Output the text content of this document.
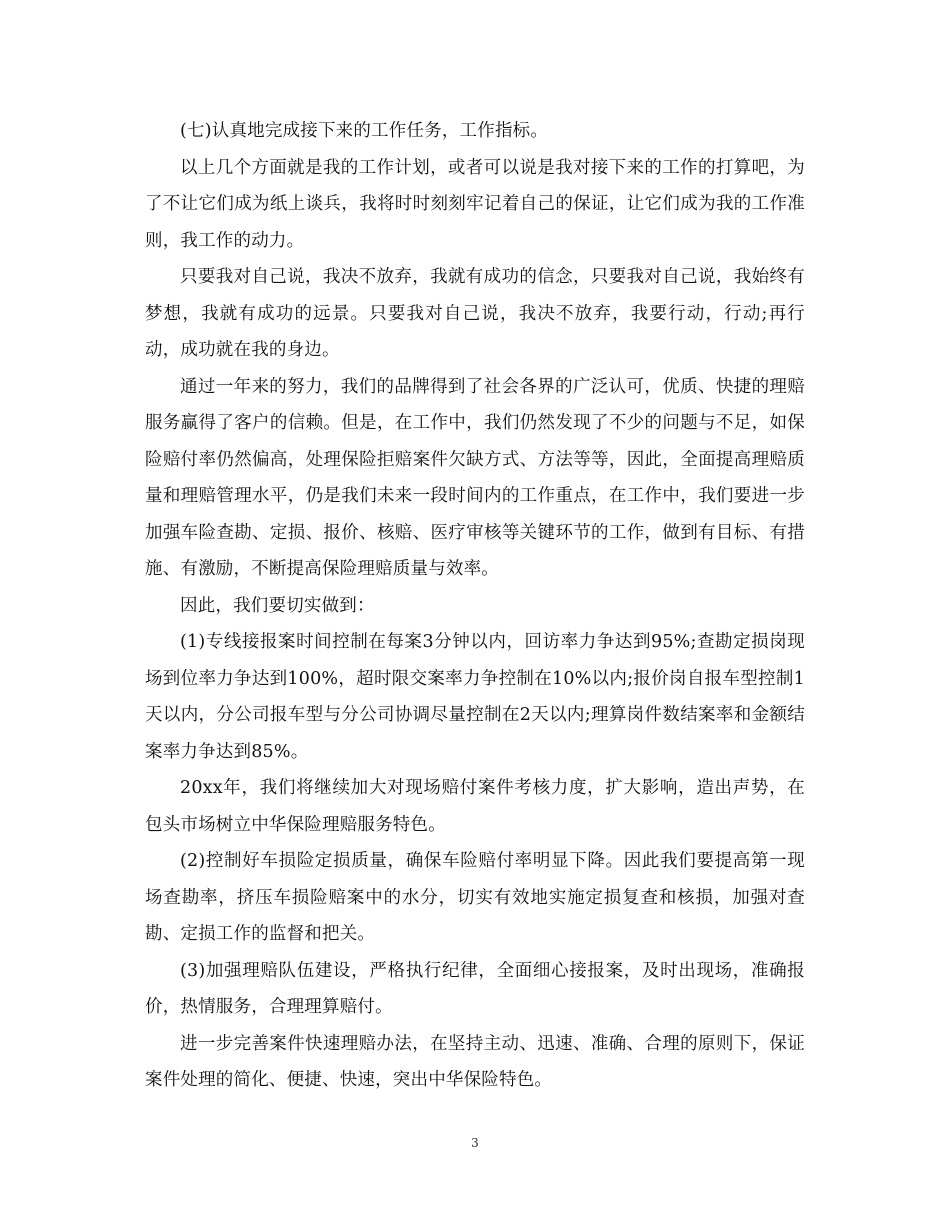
(七)认真地完成接下来的工作任务，工作指标。

以上几个方面就是我的工作计划，或者可以说是我对接下来的工作的打算吧，为了不让它们成为纸上谈兵，我将时时刻刻牢记着自己的保证，让它们成为我的工作准则，我工作的动力。

只要我对自己说，我决不放弃，我就有成功的信念，只要我对自己说，我始终有梦想，我就有成功的远景。只要我对自己说，我决不放弃，我要行动，行动;再行动，成功就在我的身边。

通过一年来的努力，我们的品牌得到了社会各界的广泛认可，优质、快捷的理赔服务赢得了客户的信赖。但是，在工作中，我们仍然发现了不少的问题与不足，如保险赔付率仍然偏高，处理保险拒赔案件欠缺方式、方法等等，因此，全面提高理赔质量和理赔管理水平，仍是我们未来一段时间内的工作重点，在工作中，我们要进一步加强车险查勘、定损、报价、核赔、医疗审核等关键环节的工作，做到有目标、有措施、有激励，不断提高保险理赔质量与效率。

因此，我们要切实做到：

(1)专线接报案时间控制在每案3分钟以内，回访率力争达到95%;查勘定损岗现场到位率力争达到100%，超时限交案率力争控制在10%以内;报价岗自报车型控制1天以内，分公司报车型与分公司协调尽量控制在2天以内;理算岗件数结案率和金额结案率力争达到85%。

20xx年，我们将继续加大对现场赔付案件考核力度，扩大影响，造出声势，在包头市场树立中华保险理赔服务特色。

(2)控制好车损险定损质量，确保车险赔付率明显下降。因此我们要提高第一现场查勘率，挤压车损险赔案中的水分，切实有效地实施定损复查和核损，加强对查勘、定损工作的监督和把关。

(3)加强理赔队伍建设，严格执行纪律，全面细心接报案，及时出现场，准确报价，热情服务，合理理算赔付。

进一步完善案件快速理赔办法，在坚持主动、迅速、准确、合理的原则下，保证案件处理的简化、便捷、快速，突出中华保险特色。

3
